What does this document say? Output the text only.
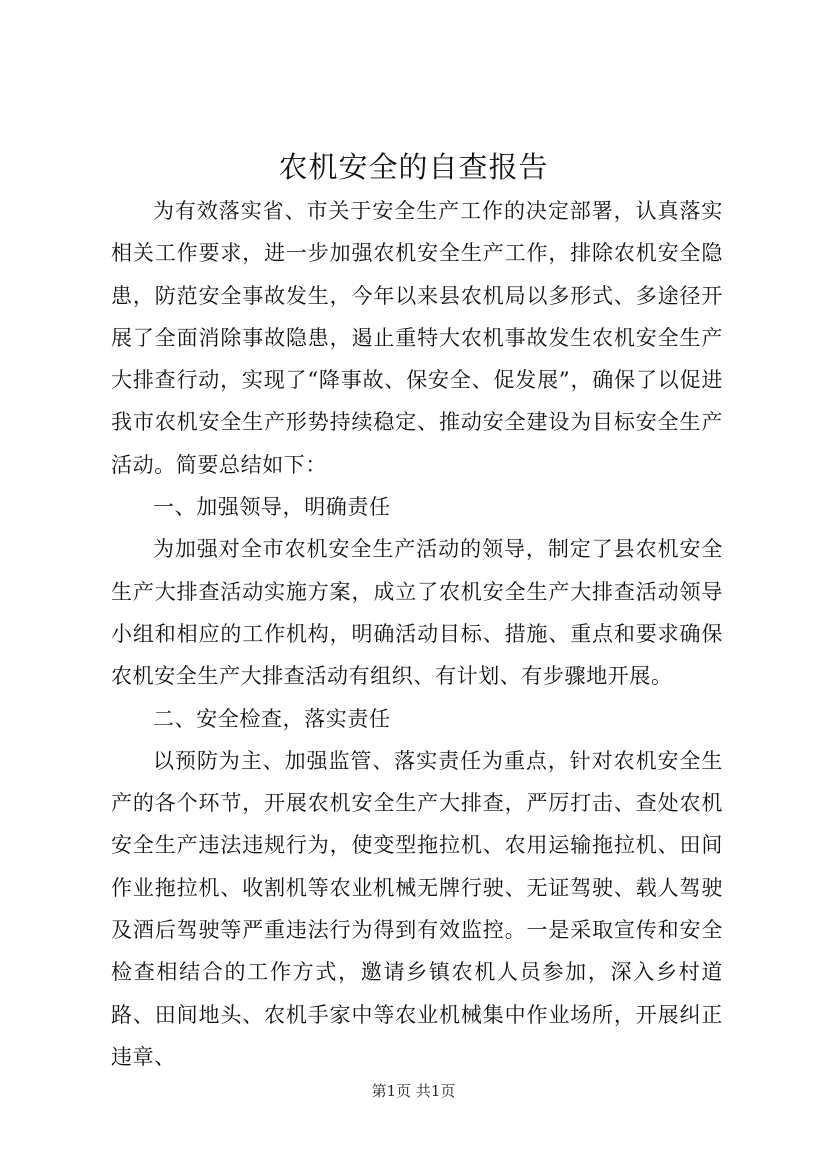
农机安全的自查报告

为有效落实省、市关于安全生产工作的决定部署，认真落实相关工作要求，进一步加强农机安全生产工作，排除农机安全隐患，防范安全事故发生，今年以来县农机局以多形式、多途径开展了全面消除事故隐患，遏止重特大农机事故发生农机安全生产大排查行动，实现了“降事故、保安全、促发展”，确保了以促进我市农机安全生产形势持续稳定、推动安全建设为目标安全生产活动。简要总结如下：

一、加强领导，明确责任

为加强对全市农机安全生产活动的领导，制定了县农机安全生产大排查活动实施方案，成立了农机安全生产大排查活动领导小组和相应的工作机构，明确活动目标、措施、重点和要求确保农机安全生产大排查活动有组织、有计划、有步骤地开展。

二、安全检查，落实责任

以预防为主、加强监管、落实责任为重点，针对农机安全生产的各个环节，开展农机安全生产大排查，严厉打击、查处农机安全生产违法违规行为，使变型拖拉机、农用运输拖拉机、田间作业拖拉机、收割机等农业机械无牌行驶、无证驾驶、载人驾驶及酒后驾驶等严重违法行为得到有效监控。一是采取宣传和安全检查相结合的工作方式，邀请乡镇农机人员参加，深入乡村道路、田间地头、农机手家中等农业机械集中作业场所，开展纠正违章、

第1页 共1页
